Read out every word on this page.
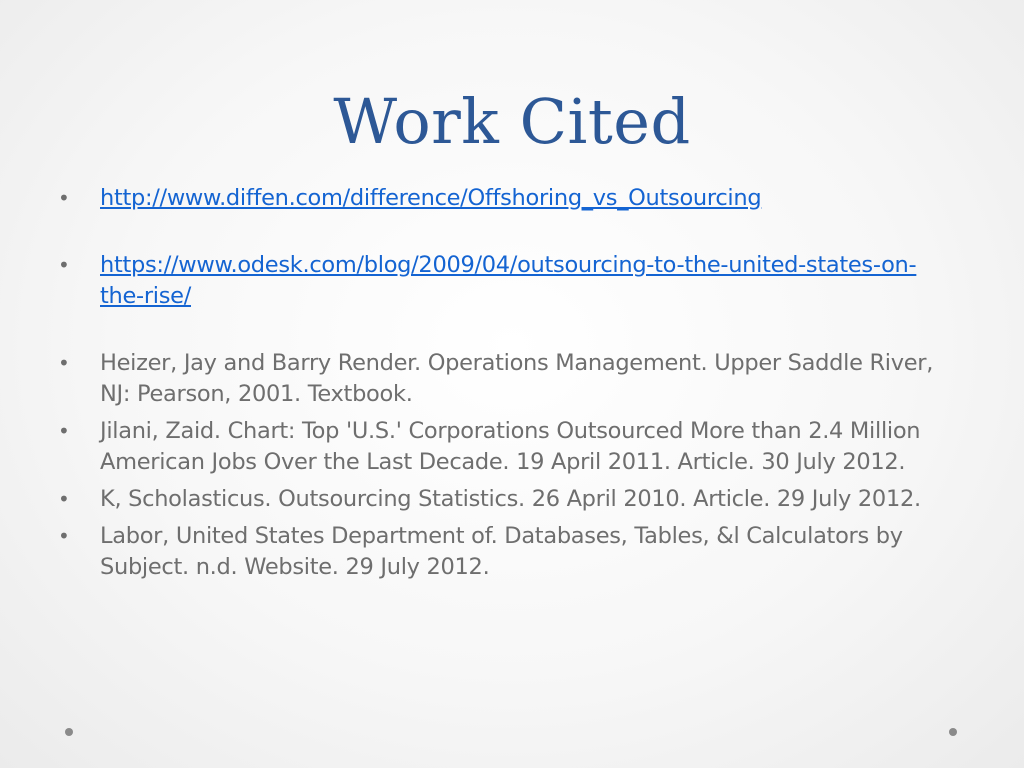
Work Cited
•	http://www.diffen.com/difference/Offshoring_vs_Outsourcing
•	https://www.odesk.com/blog/2009/04/outsourcing-to-the-united-states-on-the-rise/
•	Heizer, Jay and Barry Render. Operations Management. Upper Saddle River, NJ: Pearson, 2001. Textbook.
•	Jilani, Zaid. Chart: Top 'U.S.' Corporations Outsourced More than 2.4 Million American Jobs Over the Last Decade. 19 April 2011. Article. 30 July 2012.
•	K, Scholasticus. Outsourcing Statistics. 26 April 2010. Article. 29 July 2012.
•	Labor, United States Department of. Databases, Tables, &l Calculators by Subject. n.d. Website. 29 July 2012.
